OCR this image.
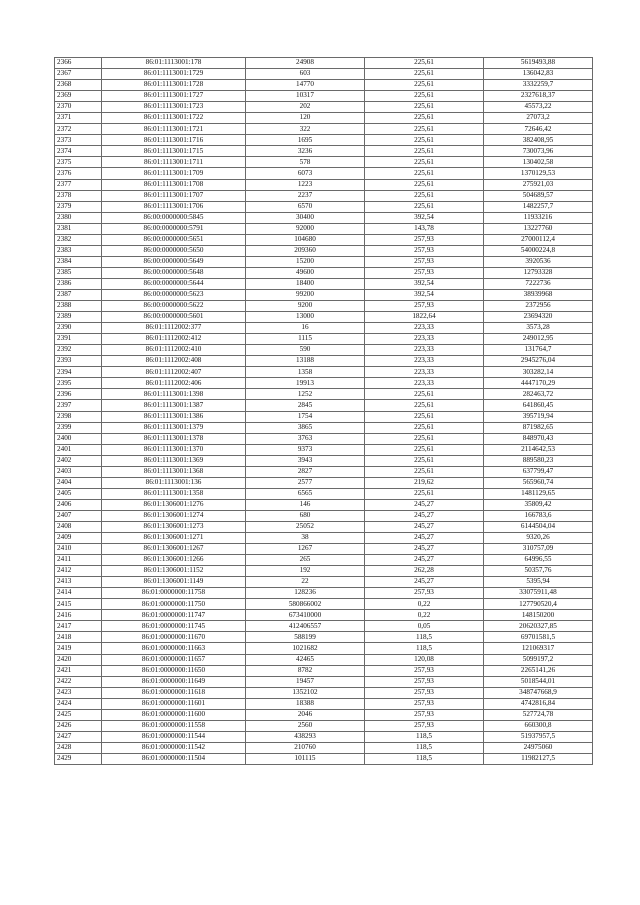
2366	86:01:1113001:178	24908	225,61	5619493,88
2367	86:01:1113001:1729	603	225,61	136042,83
2368	86:01:1113001:1728	14770	225,61	3332259,7
2369	86:01:1113001:1727	10317	225,61	2327618,37
2370	86:01:1113001:1723	202	225,61	45573,22
2371	86:01:1113001:1722	120	225,61	27073,2
2372	86:01:1113001:1721	322	225,61	72646,42
2373	86:01:1113001:1716	1695	225,61	382408,95
2374	86:01:1113001:1715	3236	225,61	730073,96
2375	86:01:1113001:1711	578	225,61	130402,58
2376	86:01:1113001:1709	6073	225,61	1370129,53
2377	86:01:1113001:1708	1223	225,61	275921,03
2378	86:01:1113001:1707	2237	225,61	504689,57
2379	86:01:1113001:1706	6570	225,61	1482257,7
2380	86:00:0000000:5845	30400	392,54	11933216
2381	86:00:0000000:5791	92000	143,78	13227760
2382	86:00:0000000:5651	104680	257,93	27000112,4
2383	86:00:0000000:5650	209360	257,93	54000224,8
2384	86:00:0000000:5649	15200	257,93	3920536
2385	86:00:0000000:5648	49600	257,93	12793328
2386	86:00:0000000:5644	18400	392,54	7222736
2387	86:00:0000000:5623	99200	392,54	38939968
2388	86:00:0000000:5622	9200	257,93	2372956
2389	86:00:0000000:5601	13000	1822,64	23694320
2390	86:01:1112002:377	16	223,33	3573,28
2391	86:01:1112002:412	1115	223,33	249012,95
2392	86:01:1112002:410	590	223,33	131764,7
2393	86:01:1112002:408	13188	223,33	2945276,04
2394	86:01:1112002:407	1358	223,33	303282,14
2395	86:01:1112002:406	19913	223,33	4447170,29
2396	86:01:1113001:1398	1252	225,61	282463,72
2397	86:01:1113001:1387	2845	225,61	641860,45
2398	86:01:1113001:1386	1754	225,61	395719,94
2399	86:01:1113001:1379	3865	225,61	871982,65
2400	86:01:1113001:1378	3763	225,61	848970,43
2401	86:01:1113001:1370	9373	225,61	2114642,53
2402	86:01:1113001:1369	3943	225,61	889580,23
2403	86:01:1113001:1368	2827	225,61	637799,47
2404	86:01:1113001:136	2577	219,62	565960,74
2405	86:01:1113001:1358	6565	225,61	1481129,65
2406	86:01:1306001:1276	146	245,27	35809,42
2407	86:01:1306001:1274	680	245,27	166783,6
2408	86:01:1306001:1273	25052	245,27	6144504,04
2409	86:01:1306001:1271	38	245,27	9320,26
2410	86:01:1306001:1267	1267	245,27	310757,09
2411	86:01:1306001:1266	265	245,27	64996,55
2412	86:01:1306001:1152	192	262,28	50357,76
2413	86:01:1306001:1149	22	245,27	5395,94
2414	86:01:0000000:11758	128236	257,93	33075911,48
2415	86:01:0000000:11750	580866002	0,22	127790520,4
2416	86:01:0000000:11747	673410000	0,22	148150200
2417	86:01:0000000:11745	412406557	0,05	20620327,85
2418	86:01:0000000:11670	588199	118,5	69701581,5
2419	86:01:0000000:11663	1021682	118,5	121069317
2420	86:01:0000000:11657	42465	120,08	5099197,2
2421	86:01:0000000:11650	8782	257,93	2265141,26
2422	86:01:0000000:11649	19457	257,93	5018544,01
2423	86:01:0000000:11618	1352102	257,93	348747668,9
2424	86:01:0000000:11601	18388	257,93	4742816,84
2425	86:01:0000000:11600	2046	257,93	527724,78
2426	86:01:0000000:11558	2560	257,93	660300,8
2427	86:01:0000000:11544	438293	118,5	51937957,5
2428	86:01:0000000:11542	210760	118,5	24975060
2429	86:01:0000000:11504	101115	118,5	11982127,5
